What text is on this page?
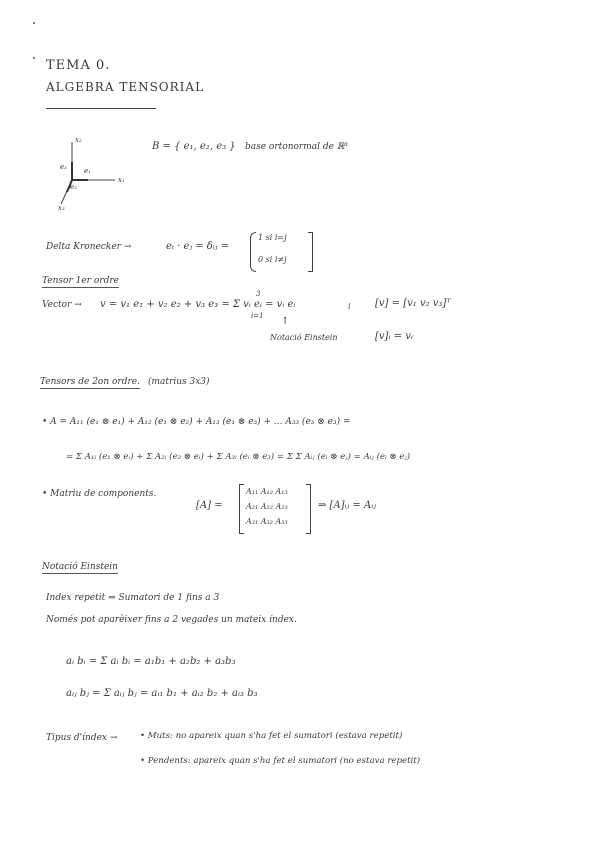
TEMA 0.
ALGEBRA TENSORIAL
x₂
x₁
x₃
e₂ e₁
e₃
B = { e₁, e₂, e₃ } base ortonormal de ℝ³
Delta Kronecker →	eᵢ · eⱼ = δᵢⱼ =
1 si i=j
0 si i≠j
Tensor 1er ordre
Vector → v = v₁ e₁ + v₂ e₂ + v₃ e₃ = Σ vᵢ eᵢ = vᵢ eᵢ
3
i=1 ↑
Notació Einstein
i [v] = [v₁ v₂ v₃]ᵀ
[v]ᵢ = vᵢ
Tensors de 2on ordre. (matrius 3x3)
• A = A₁₁ (e₁ ⊗ e₁) + A₁₂ (e₁ ⊗ e₂) + A₁₃ (e₁ ⊗ e₃) + ... A₃₃ (e₃ ⊗ e₃) =
= Σ A₁ᵢ (e₁ ⊗ eᵢ) + Σ A₂ᵢ (e₂ ⊗ eᵢ) + Σ A₃ᵢ (eᵢ ⊗ e₃) = Σ Σ Aᵢⱼ (eᵢ ⊗ eⱼ) = Aᵢⱼ (eᵢ ⊗ eⱼ)
• Matriu de components.
[A] =
A₁₁ A₁₂ A₁₃
A₂₁ A₂₂ A₂₃
A₃₁ A₃₂ A₃₃
⇒ [A]ᵢⱼ = Aᵢⱼ
Notació Einstein
Index repetit ⇒ Sumatori de 1 fins a 3
Només pot aparèixer fins a 2 vegades un mateix índex.
aᵢ bᵢ = Σ aᵢ bᵢ = a₁b₁ + a₂b₂ + a₃b₃
aᵢⱼ bⱼ = Σ aᵢⱼ bⱼ = aᵢ₁ b₁ + aᵢ₂ b₂ + aᵢ₃ b₃
Tipus d'índex →	• Muts: no apareix quan s'ha fet el sumatori (estava repetit)
• Pendents: apareix quan s'ha fet el sumatori (no estava repetit)
